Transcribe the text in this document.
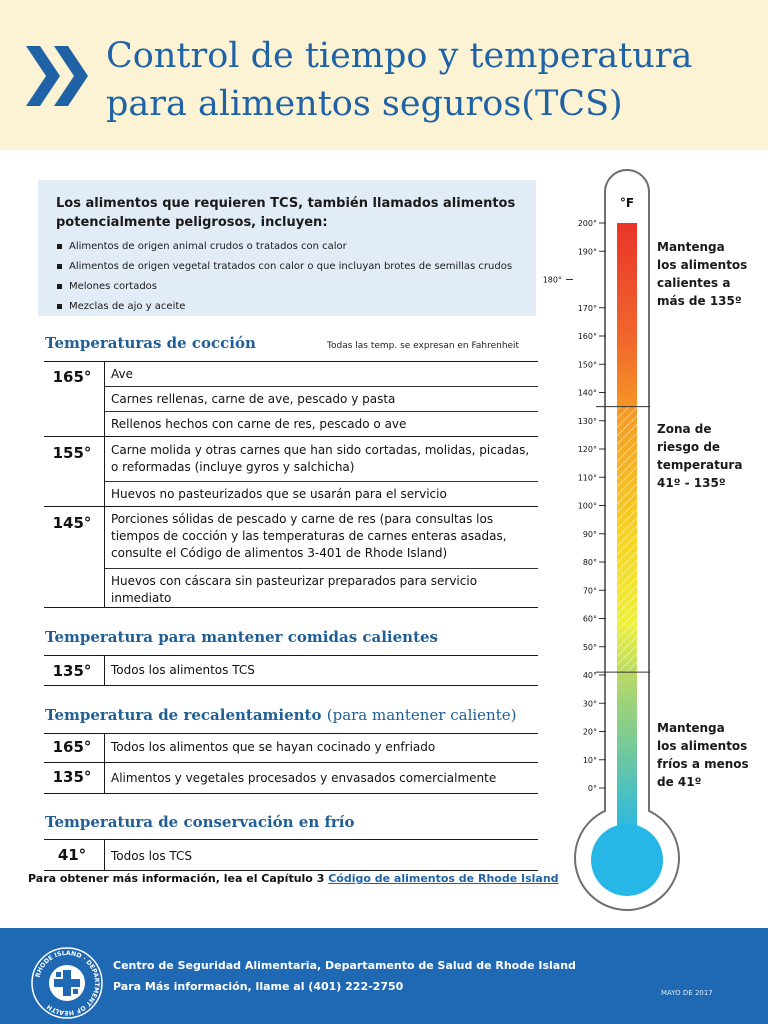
Control de tiempo y temperatura
para alimentos seguros(TCS)

Los alimentos que requieren TCS, también llamados alimentos potencialmente peligrosos, incluyen:

Alimentos de origen animal crudos o tratados con calor
Alimentos de origen vegetal tratados con calor o que incluyan brotes de semillas crudos
Melones cortados
Mezclas de ajo y aceite
Temperaturas de cocción	Todas las temp. se expresan en Fahrenheit
165°	Ave
Carnes rellenas, carne de ave, pescado y pasta
Rellenos hechos con carne de res, pescado o ave
155°	Carne molida y otras carnes que han sido cortadas, molidas, picadas, o reformadas (incluye gyros y salchicha)
Huevos no pasteurizados que se usarán para el servicio
145°	Porciones sólidas de pescado y carne de res (para consultas los tiempos de cocción y las temperaturas de carnes enteras asadas, consulte el Código de alimentos 3-401 de Rhode Island)
Huevos con cáscara sin pasteurizar preparados para servicio inmediato
Temperatura para mantener comidas calientes
135°	Todos los alimentos TCS
Temperatura de recalentamiento (para mantener caliente)
165°	Todos los alimentos que se hayan cocinado y enfriado
135°	Alimentos y vegetales procesados y envasados comercialmente
Temperatura de conservación en frío
41°	Todos los TCS
Para obtener más información, lea el Capítulo 3 Código de alimentos de Rhode Island
°F
200°
190°
180°
170°
160°
150°
140°
130°
120°
110°
100°
90°
80°
70°
60°
50°
40°
30°
20°
10°
0°
Mantenga
los alimentos
calientes a
más de 135º
Zona de
riesgo de
temperatura
41º - 135º
Mantenga
los alimentos
fríos a menos
de 41º
RHODE ISLAND · DEPARTMENT OF HEALTH
Centro de Seguridad Alimentaria, Departamento de Salud de Rhode Island
Para Más información, llame al (401) 222-2750	MAYO DE 2017
